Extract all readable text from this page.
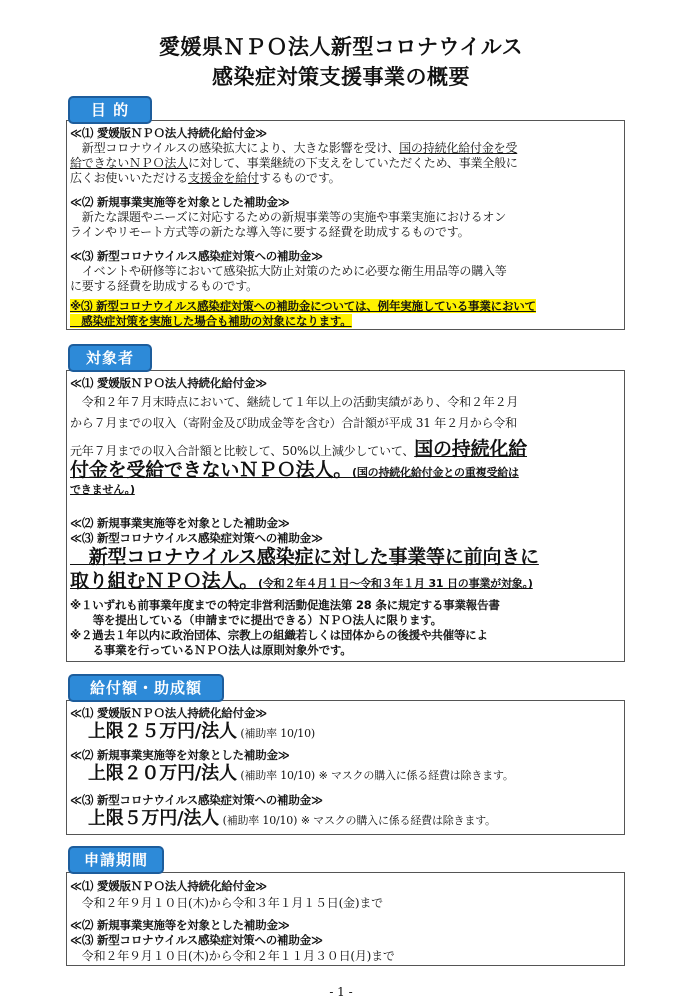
愛媛県ＮＰＯ法人新型コロナウイルス
感染症対策支援事業の概要
目 的
≪⑴ 愛媛版ＮＰＯ法人持続化給付金≫
　新型コロナウイルスの感染拡大により、大きな影響を受け、国の持続化給付金を受
給できないＮＰＯ法人に対して、事業継続の下支えをしていただくため、事業全般に
広くお使いいただける支援金を給付するものです。
≪⑵ 新規事業実施等を対象とした補助金≫
　新たな課題やニーズに対応するための新規事業等の実施や事業実施におけるオン
ラインやリモート方式等の新たな導入等に要する経費を助成するものです。
≪⑶ 新型コロナウイルス感染症対策への補助金≫
　イベントや研修等において感染拡大防止対策のために必要な衛生用品等の購入等
に要する経費を助成するものです。
※⑶ 新型コロナウイルス感染症対策への補助金については、例年実施している事業において
　感染症対策を実施した場合も補助の対象になります。
対象者
≪⑴ 愛媛版ＮＰＯ法人持続化給付金≫
　令和２年７月末時点において、継続して１年以上の活動実績があり、令和２年２月
から７月までの収入（寄附金及び助成金等を含む）合計額が平成 31 年２月から令和
元年７月までの収入合計額と比較して、50%以上減少していて、国の持続化給
付金を受給できないＮＰＯ法人。(国の持続化給付金との重複受給は
できません。)
≪⑵ 新規事業実施等を対象とした補助金≫
≪⑶ 新型コロナウイルス感染症対策への補助金≫
　新型コロナウイルス感染症に対した事業等に前向きに
取り組むＮＰＯ法人。(令和２年４月１日～令和３年１月 31 日の事業が対象。)
※１いずれも前事業年度までの特定非営利活動促進法第 28 条に規定する事業報告書
　　等を提出している（申請までに提出できる）ＮＰＯ法人に限ります。
※２過去１年以内に政治団体、宗教上の組織若しくは団体からの後援や共催等によ
　　る事業を行っているＮＰＯ法人は原則対象外です。
給付額・助成額
≪⑴ 愛媛版ＮＰＯ法人持続化給付金≫
上限２５万円/法人 (補助率 10/10)
≪⑵ 新規事業実施等を対象とした補助金≫
上限２０万円/法人 (補助率 10/10) ※ マスクの購入に係る経費は除きます。
≪⑶ 新型コロナウイルス感染症対策への補助金≫
上限５万円/法人 (補助率 10/10) ※ マスクの購入に係る経費は除きます。
申請期間
≪⑴ 愛媛版ＮＰＯ法人持続化給付金≫
　令和２年９月１０日(木)から令和３年１月１５日(金)まで
≪⑵ 新規事業実施等を対象とした補助金≫
≪⑶ 新型コロナウイルス感染症対策への補助金≫
　令和２年９月１０日(木)から令和２年１１月３０日(月)まで
- 1 -
